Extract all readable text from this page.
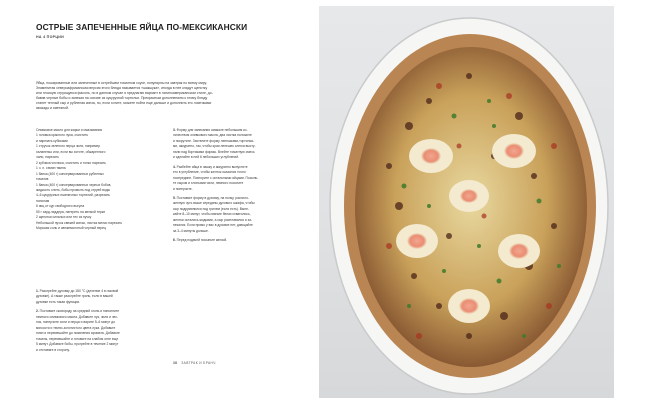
ОСТРЫЕ ЗАПЕЧЕННЫЕ ЯЙЦА ПО-МЕКСИКАНСКИ
НА 4 ПОРЦИИ
Яйца, пошированные или запеченные в острейшем томатном соусе, популярны на завтрак по всему миру.
Знаменитая североафриканская версия этого блюда называется «шакшука», иногда в нее кладут щепотку
или плоскую струящуюся фасоль, но в данном случае я предлагаю вариант в латиноамериканском стиле, до-
бавив черные бобы и запекая на основе из кукурузной тортильи. Прекрасным дополнением к этому блюду
станет теплый сыр и рубленая кинза, но, если хотите, можете пойти еще дальше и дополнить его ломтиками
авокадо и сметаной.
Оливковое масло для жарки и смазывания
1 головка красного лука, очистить
и нарезать кубиками
1 стручок зеленого перца чили, например
халапеньо или, если вы хотите, обжаренного
чили, нарезать
2 зубчика чеснока, очистить и тонко нарезать
1 ч. л. семян тмина
1 банка (400 г) консервированных рубленых
томатов
1 банка (400 г) консервированных черных бобов,
жидкость слить, бобы промыть под струей воды
4–6 кукурузных пшеничных тортилий, разрезать
пополам
6 яиц от кур свободного выгула
50 г хард-чеддера, натереть на мелкой терке
2 щепотки сильных или тех из пучку
Небольшой пучок свежей кинзы, листья мелко нарезать
Морская соль и свежемолотый черный перец
1. Разогрейте духовку до 180 °C (деление 4 в газовой
духовке). А также разогрейте гриль, если в вашей
духовке есть такая функция.
2. Поставьте сковороду на средний огонь и наполните
немного оливкового масла. Добавьте лук, чили и чес-
нок, поперчите соли и перца и варите 5–6 минут до
мягкости и темно-золотистого цвета лука. Добавьте
тмин и перемешайте до появления аромата. Добавьте
томаты, перемешайте и готовьте на слабом огне еще
5 минут. Добавьте бобы, прогрейте в течение 2 минут
и отставьте в сторону.
3. Форму для запекания смажьте небольшим ко-
личеством оливкового масла, два листка положите
и покрутите. Застелите форму лепешками-тортилья-
ми, аккуратно, так, чтобы края лепешек слегка высту-
пали над бортиками формы. Влейте томатную смесь
и сделайте в ней 6 небольших углублений.
4. Разбейте яйца в чашку и аккуратно выпустите
его в углубление, чтобы желток оказался точно
посередине. Повторите с остальными яйцами. Посыпь-
те сыром и хлопьями чили, немного посолите
и поперчите.
5. Поставьте форму в духовку, на полку, располо-
женную чуть выше середины духового шкафа, чтобы
сыр подрумянился под грилем (если есть). Выпе-
кайте 8–10 минут, чтобы мягкие белки схватились,
желтки остались жидкими, а сыр расплавился и за-
пекался. Если прямо у вас в духовке нет, дающайте
за 3–4 минуты дольше.
6. Перед подачей посыпьте кинзой.
38 ЗАВТРАК И БРАНЧ
